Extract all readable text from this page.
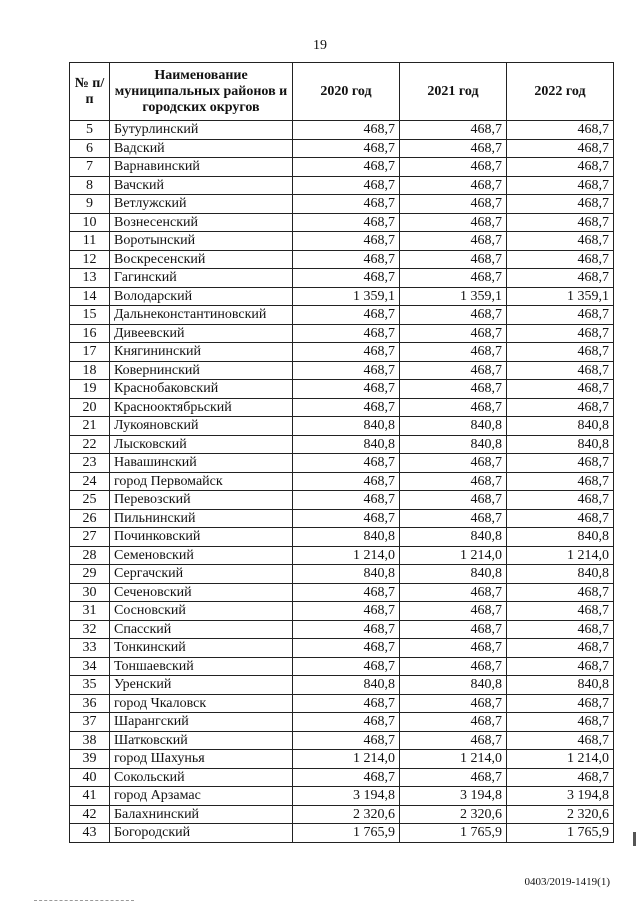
19
№ п/п	Наименование муниципальных районов и городских округов	2020 год	2021 год	2022 год
5	Бутурлинский	468,7	468,7	468,7
6	Вадский	468,7	468,7	468,7
7	Варнавинский	468,7	468,7	468,7
8	Вачский	468,7	468,7	468,7
9	Ветлужский	468,7	468,7	468,7
10	Вознесенский	468,7	468,7	468,7
11	Воротынский	468,7	468,7	468,7
12	Воскресенский	468,7	468,7	468,7
13	Гагинский	468,7	468,7	468,7
14	Володарский	1 359,1	1 359,1	1 359,1
15	Дальнеконстантиновский	468,7	468,7	468,7
16	Дивеевский	468,7	468,7	468,7
17	Княгининский	468,7	468,7	468,7
18	Ковернинский	468,7	468,7	468,7
19	Краснобаковский	468,7	468,7	468,7
20	Краснооктябрьский	468,7	468,7	468,7
21	Лукояновский	840,8	840,8	840,8
22	Лысковский	840,8	840,8	840,8
23	Навашинский	468,7	468,7	468,7
24	город Первомайск	468,7	468,7	468,7
25	Перевозский	468,7	468,7	468,7
26	Пильнинский	468,7	468,7	468,7
27	Починковский	840,8	840,8	840,8
28	Семеновский	1 214,0	1 214,0	1 214,0
29	Сергачский	840,8	840,8	840,8
30	Сеченовский	468,7	468,7	468,7
31	Сосновский	468,7	468,7	468,7
32	Спасский	468,7	468,7	468,7
33	Тонкинский	468,7	468,7	468,7
34	Тоншаевский	468,7	468,7	468,7
35	Уренский	840,8	840,8	840,8
36	город Чкаловск	468,7	468,7	468,7
37	Шарангский	468,7	468,7	468,7
38	Шатковский	468,7	468,7	468,7
39	город Шахунья	1 214,0	1 214,0	1 214,0
40	Сокольский	468,7	468,7	468,7
41	город Арзамас	3 194,8	3 194,8	3 194,8
42	Балахнинский	2 320,6	2 320,6	2 320,6
43	Богородский	1 765,9	1 765,9	1 765,9
0403/2019-1419(1)
